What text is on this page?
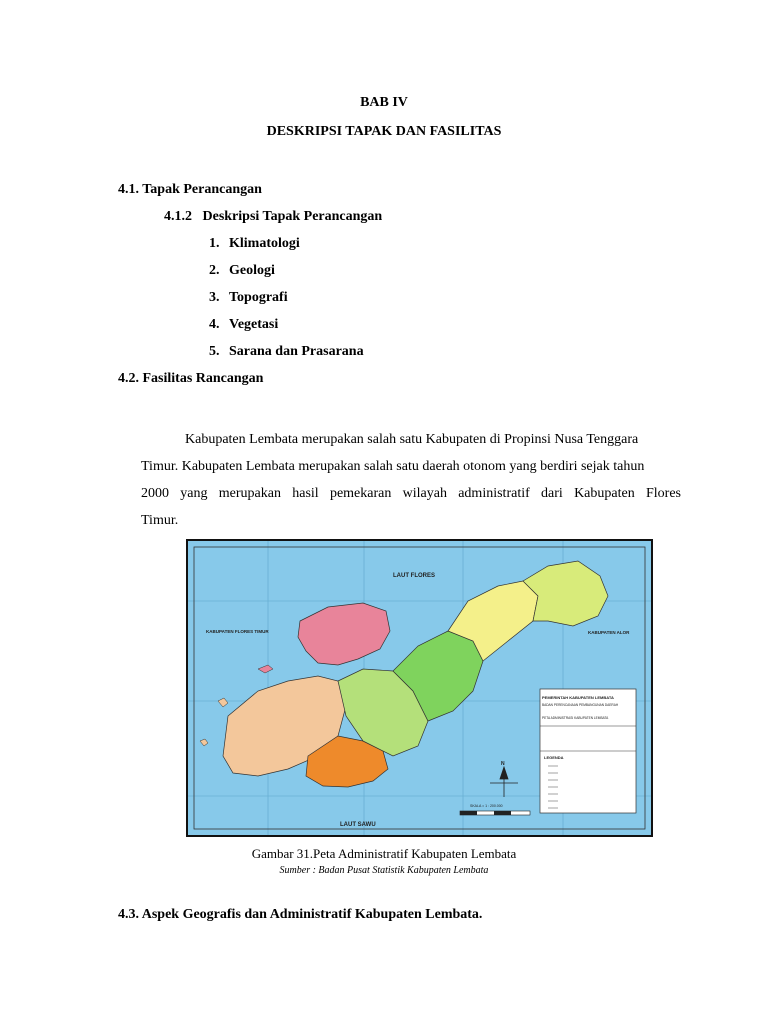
BAB IV
DESKRIPSI TAPAK DAN FASILITAS
4.1. Tapak Perancangan
4.1.2   Deskripsi Tapak Perancangan
1. Klimatologi
2. Geologi
3. Topografi
4. Vegetasi
5. Sarana dan Prasarana
4.2. Fasilitas Rancangan
Kabupaten Lembata merupakan salah satu Kabupaten di Propinsi Nusa Tenggara
Timur. Kabupaten Lembata merupakan salah satu daerah otonom yang berdiri sejak tahun
2000 yang merupakan hasil pemekaran wilayah administratif dari Kabupaten Flores
Timur.
LAUT FLORES
LAUT SAWU
KABUPATEN FLORES TIMUR	KABUPATEN ALOR
PEMERINTAH KABUPATEN LEMBATA
BADAN PERENCANAAN PEMBANGUNAN DAERAH
PETA ADMINISTRASI KABUPATEN LEMBATA
LEGENDA
SKALA = 1 : 200.000
N
Gambar 31.Peta Administratif Kabupaten Lembata
Sumber : Badan Pusat Statistik Kabupaten Lembata
4.3. Aspek Geografis dan Administratif Kabupaten Lembata.
